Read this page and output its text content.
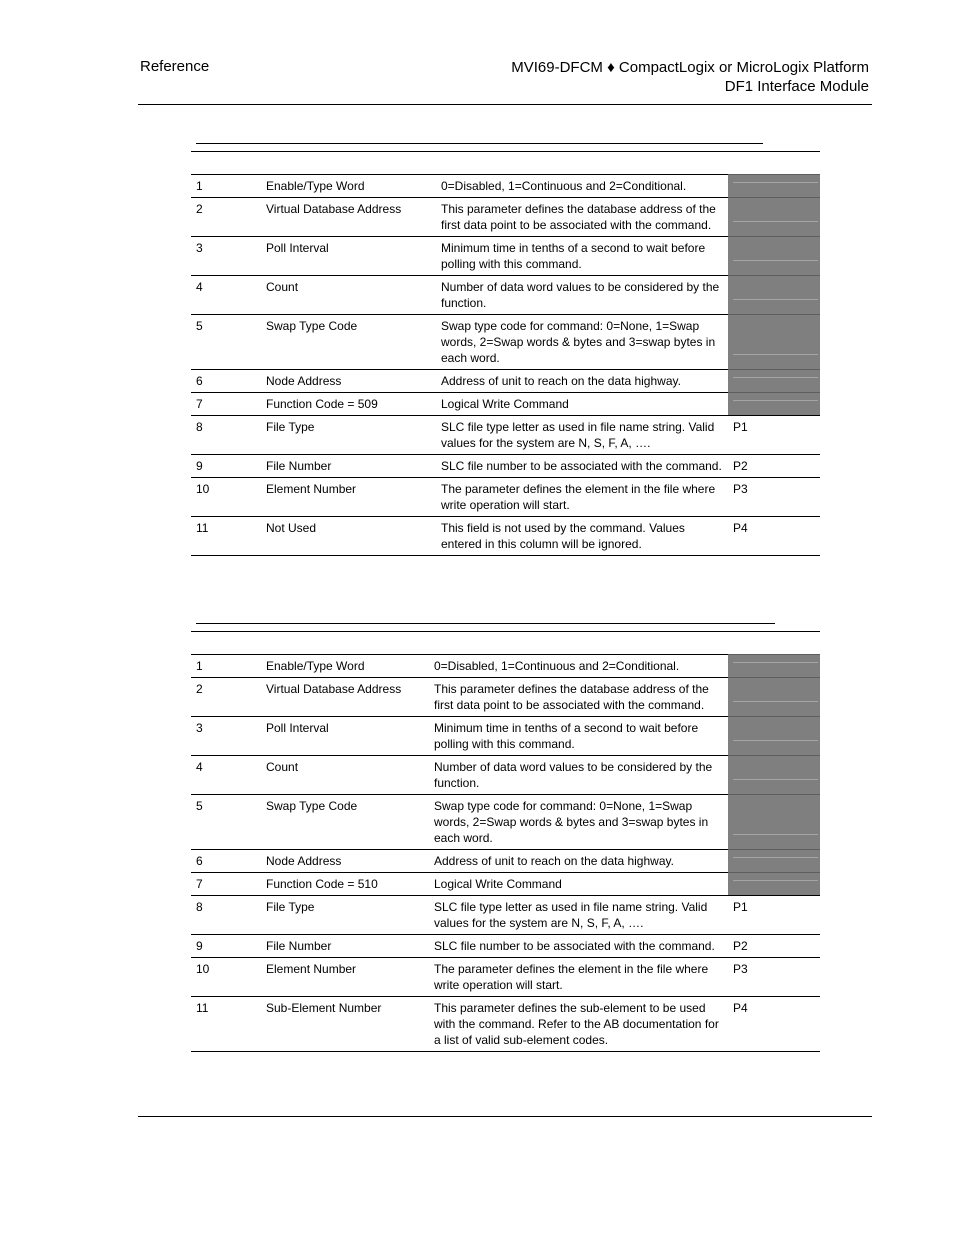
Reference	MVI69-DFCM ♦ CompactLogix or MicroLogix Platform
DF1 Interface Module
1	Enable/Type Word	0=Disabled, 1=Continuous and 2=Conditional.	

2	Virtual Database Address	This parameter defines the database address of the first data point to be associated with the command.	

3	Poll Interval	Minimum time in tenths of a second to wait before polling with this command.	

4	Count	Number of data word values to be considered by the function.	

5	Swap Type Code	Swap type code for command: 0=None, 1=Swap words, 2=Swap words & bytes and 3=swap bytes in each word.	

6	Node Address	Address of unit to reach on the data highway.	

7	Function Code = 509	Logical Write Command	

8	File Type	SLC file type letter as used in file name string. Valid values for the system are N, S, F, A, ….	P1
9	File Number	SLC file number to be associated with the command.	P2
10	Element Number	The parameter defines the element in the file where write operation will start.	P3
11	Not Used	This field is not used by the command. Values entered in this column will be ignored.	P4
1	Enable/Type Word	0=Disabled, 1=Continuous and 2=Conditional.	

2	Virtual Database Address	This parameter defines the database address of the first data point to be associated with the command.	

3	Poll Interval	Minimum time in tenths of a second to wait before polling with this command.	

4	Count	Number of data word values to be considered by the function.	

5	Swap Type Code	Swap type code for command: 0=None, 1=Swap words, 2=Swap words & bytes and 3=swap bytes in each word.	

6	Node Address	Address of unit to reach on the data highway.	

7	Function Code = 510	Logical Write Command	

8	File Type	SLC file type letter as used in file name string. Valid values for the system are N, S, F, A, ….	P1
9	File Number	SLC file number to be associated with the command.	P2
10	Element Number	The parameter defines the element in the file where write operation will start.	P3
11	Sub-Element Number	This parameter defines the sub-element to be used with the command. Refer to the AB documentation for a list of valid sub-element codes.	P4
